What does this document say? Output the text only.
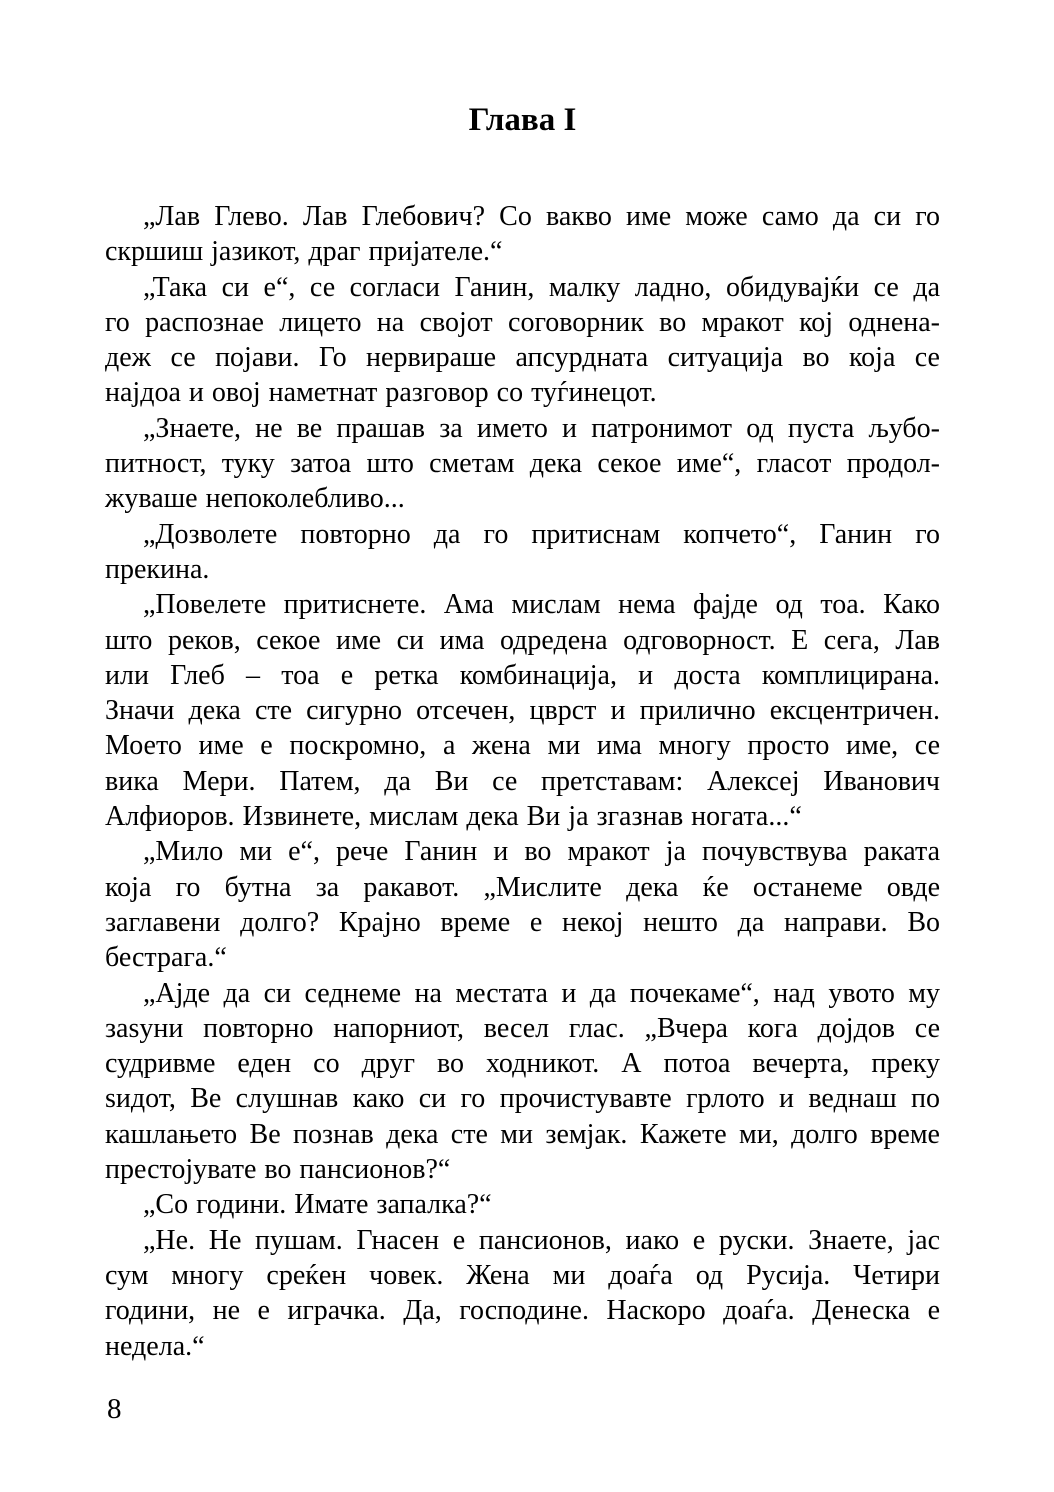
Глава I
„Лав Глево. Лав Глебович? Со вакво име може само да си го
скршиш јазикот, драг пријателе.“
„Така си е“, се согласи Ганин, малку ладно, обидувајќи се да
го распознае лицето на својот соговорник во мракот кој однена-
деж се појави. Го нервираше апсурдната ситуација во која се
најдоа и овој наметнат разговор со туѓинецот.
„Знаете, не ве прашав за името и патронимот од пуста љубо-
питност, туку затоа што сметам дека секое име“, гласот продол-
жуваше непоколебливо...
„Дозволете повторно да го притиснам копчето“, Ганин го
прекина.
„Повелете притиснете. Ама мислам нема фајде од тоа. Како
што реков, секое име си има одредена одговорност. Е сега, Лав
или Глеб – тоа е ретка комбинација, и доста комплицирана.
Значи дека сте сигурно отсечен, цврст и прилично ексцентричен.
Моето име е поскромно, а жена ми има многу просто име, се
вика Мери. Патем, да Ви се претставам: Алексеј Иванович
Алфиоров. Извинете, мислам дека Ви ја згазнав ногата...“
„Мило ми е“, рече Ганин и во мракот ја почувствува раката
која го бутна за ракавот. „Мислите дека ќе останеме овде
заглавени долго? Крајно време е некој нешто да направи. Во
бестрага.“
„Ајде да си седнеме на местата и да почекаме“, над увото му
заѕуни повторно напорниот, весел глас. „Вчера кога дојдов се
судривме еден со друг во ходникот. А потоа вечерта, преку
ѕидот, Ве слушнав како си го прочистувавте грлото и веднаш по
кашлањето Ве познав дека сте ми земјак. Кажете ми, долго време
престојувате во пансионов?“
„Со години. Имате запалка?“
„Не. Не пушам. Гнасен е пансионов, иако е руски. Знаете, јас
сум многу среќен човек. Жена ми доаѓа од Русија. Четири
години, не е играчка. Да, господине. Наскоро доаѓа. Денеска е
недела.“
8
